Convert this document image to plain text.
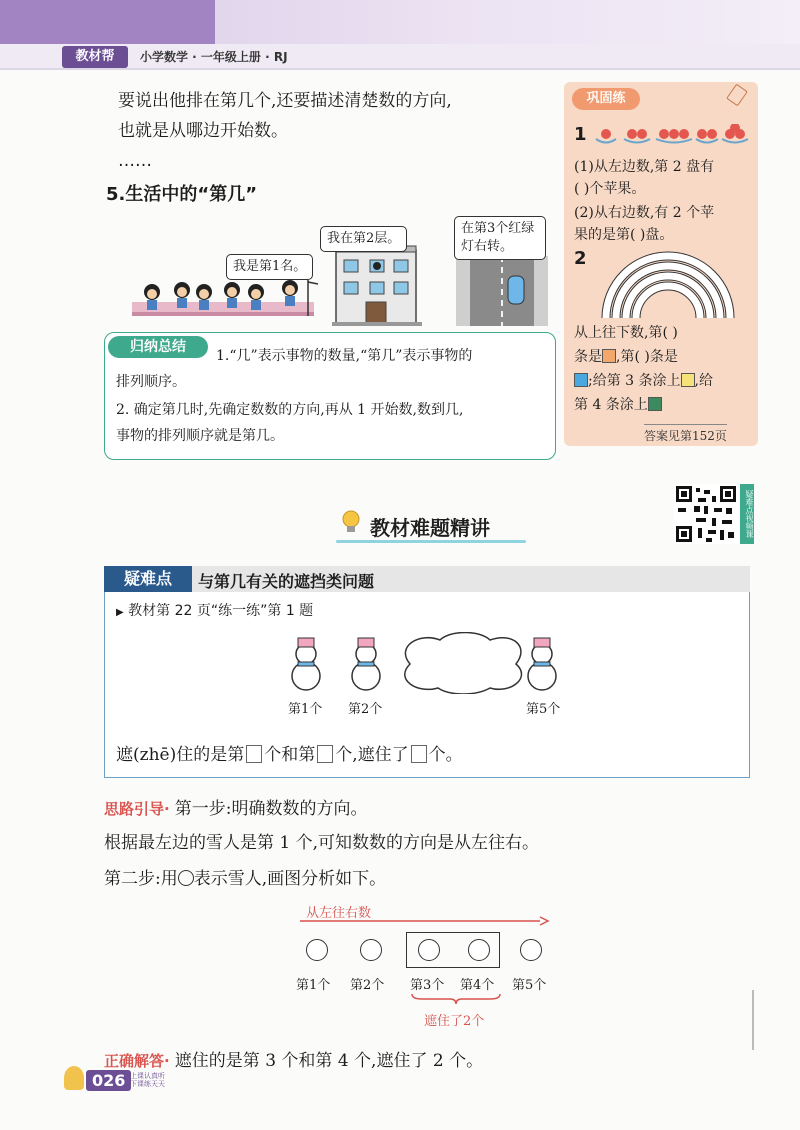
教材帮	小学数学 · 一年级上册 · RJ
要说出他排在第几个,还要描述清楚数的方向,
也就是从哪边开始数。
……
5.生活中的“第几”
我是第1名。
我在第2层。
在第3个红绿灯右转。
归纳总结
1.“几”表示事物的数量,“第几”表示事物的
排列顺序。
2. 确定第几时,先确定数数的方向,再从 1 开始数,数到几,
事物的排列顺序就是第几。
巩固练
1
(1)从左边数,第 2 盘有
( )个苹果。
(2)从右边数,有 2 个苹
果的是第( )盘。
2
从上往下数,第( )
条是 ,第( )条是
;给第 3 条涂上 ,给
第 4 条涂上
答案见第152页
疑难点视频课
教材难题精讲
疑难点	与第几有关的遮挡类问题
▶ 教材第 22 页“练一练”第 1 题
第1个 第2个	第5个
遮(zhē)住的是第 个和第 个,遮住了 个。
思路引导· 第一步:明确数数的方向。
根据最左边的雪人是第 1 个,可知数数的方向是从左往右。
第二步:用 表示雪人,画图分析如下。
从左往右数
第1个 第2个 第3个 第4个 第5个
遮住了2个
正确解答· 遮住的是第 3 个和第 4 个,遮住了 2 个。
026 上课认真听
下课练天天
